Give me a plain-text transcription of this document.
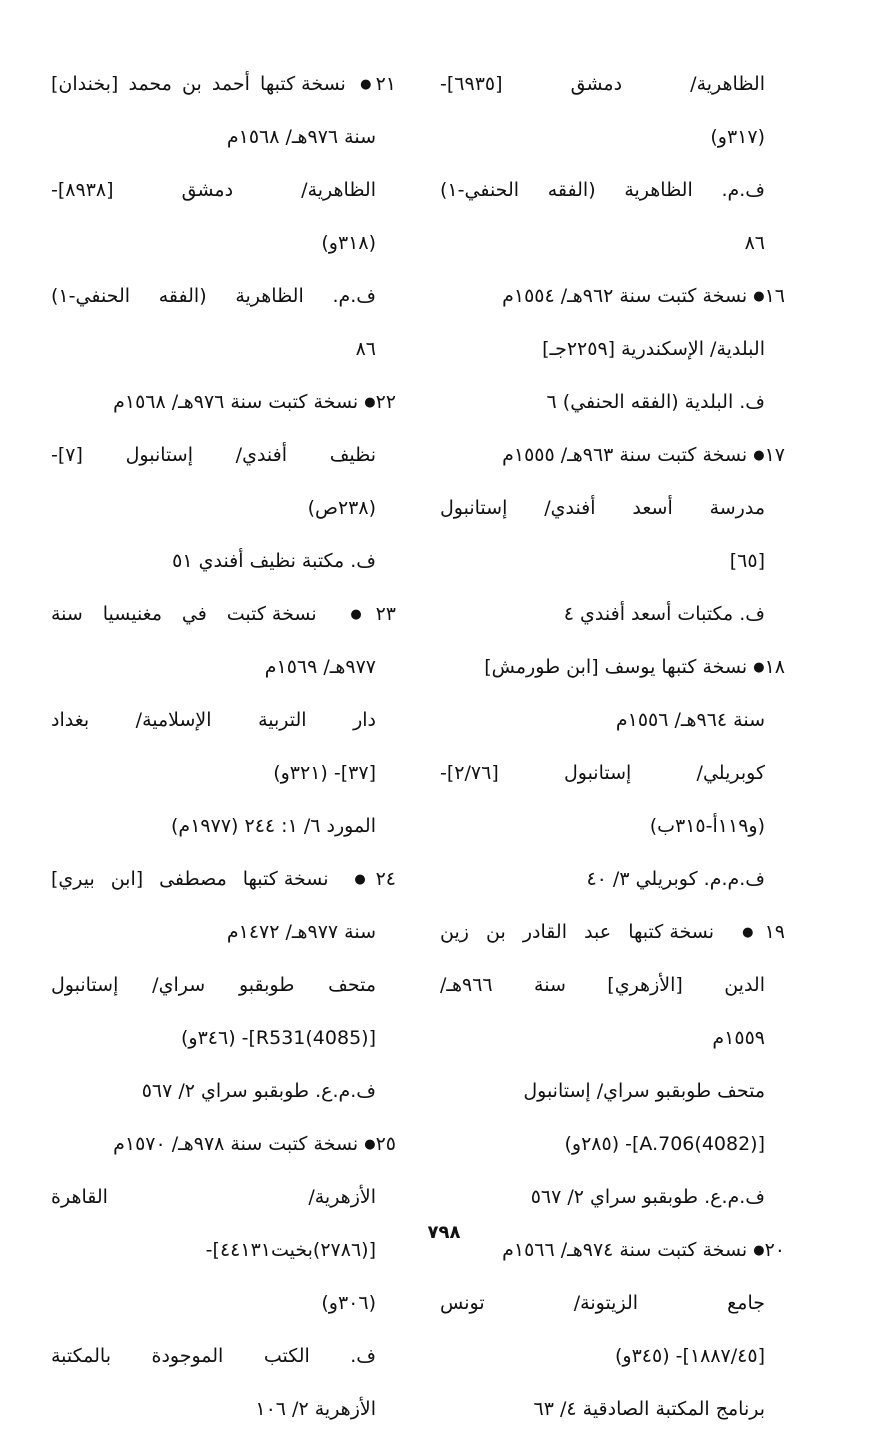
الظاهرية/ دمشق [٦٩٣٥]-
(٣١٧و)
ف.م. الظاهرية (الفقه الحنفي-١)
٨٦
١٦● نسخة كتبت سنة ٩٦٢هـ/ ١٥٥٤م
البلدية/ الإسكندرية [٢٢٥٩جـ]
ف. البلدية (الفقه الحنفي) ٦
١٧● نسخة كتبت سنة ٩٦٣هـ/ ١٥٥٥م
مدرسة أسعد أفندي/ إستانبول
[٦٥]
ف. مكتبات أسعد أفندي ٤
١٨● نسخة كتبها يوسف [ابن طورمش]
سنة ٩٦٤هـ/ ١٥٥٦م
كوبريلي/ إستانبول [٢/٧٦]-
(و١١٩أ-٣١٥ب)
ف.م.م. كوبريلي ٣/ ٤٠
١٩● نسخة كتبها عبد القادر بن زين
الدين [الأزهري] سنة ٩٦٦هـ/
١٥٥٩م
متحف طوبقبو سراي/ إستانبول
[(4082)A.706]- (٢٨٥و)
ف.م.ع. طوبقبو سراي ٢/ ٥٦٧
٢٠● نسخة كتبت سنة ٩٧٤هـ/ ١٥٦٦م
جامع الزيتونة/ تونس
[١٨٨٧/٤٥]- (٣٤٥و)
برنامج المكتبة الصادقية ٤/ ٦٣
٢١● نسخة كتبها أحمد بن محمد [بخندان]
سنة ٩٧٦هـ/ ١٥٦٨م
الظاهرية/ دمشق [٨٩٣٨]-
(٣١٨و)
ف.م. الظاهرية (الفقه الحنفي-١)
٨٦
٢٢● نسخة كتبت سنة ٩٧٦هـ/ ١٥٦٨م
نظيف أفندي/ إستانبول [٧]-
(٢٣٨ص)
ف. مكتبة نظيف أفندي ٥١
٢٣● نسخة كتبت في مغنيسيا سنة
٩٧٧هـ/ ١٥٦٩م
دار التربية الإسلامية/ بغداد
[٣٧]- (٣٢١و)
المورد ٦/ ١: ٢٤٤ (١٩٧٧م)
٢٤● نسخة كتبها مصطفى [ابن بيري]
سنة ٩٧٧هـ/ ١٤٧٢م
متحف طوبقبو سراي/ إستانبول
[R531(4085)]- (٣٤٦و)
ف.م.ع. طوبقبو سراي ٢/ ٥٦٧
٢٥● نسخة كتبت سنة ٩٧٨هـ/ ١٥٧٠م
الأزهرية/ القاهرة
[(٢٧٨٦)بخيت٤٤١٣١]-
(٣٠٦و)
ف. الكتب الموجودة بالمكتبة
الأزهرية ٢/ ١٠٦
٧٩٨
